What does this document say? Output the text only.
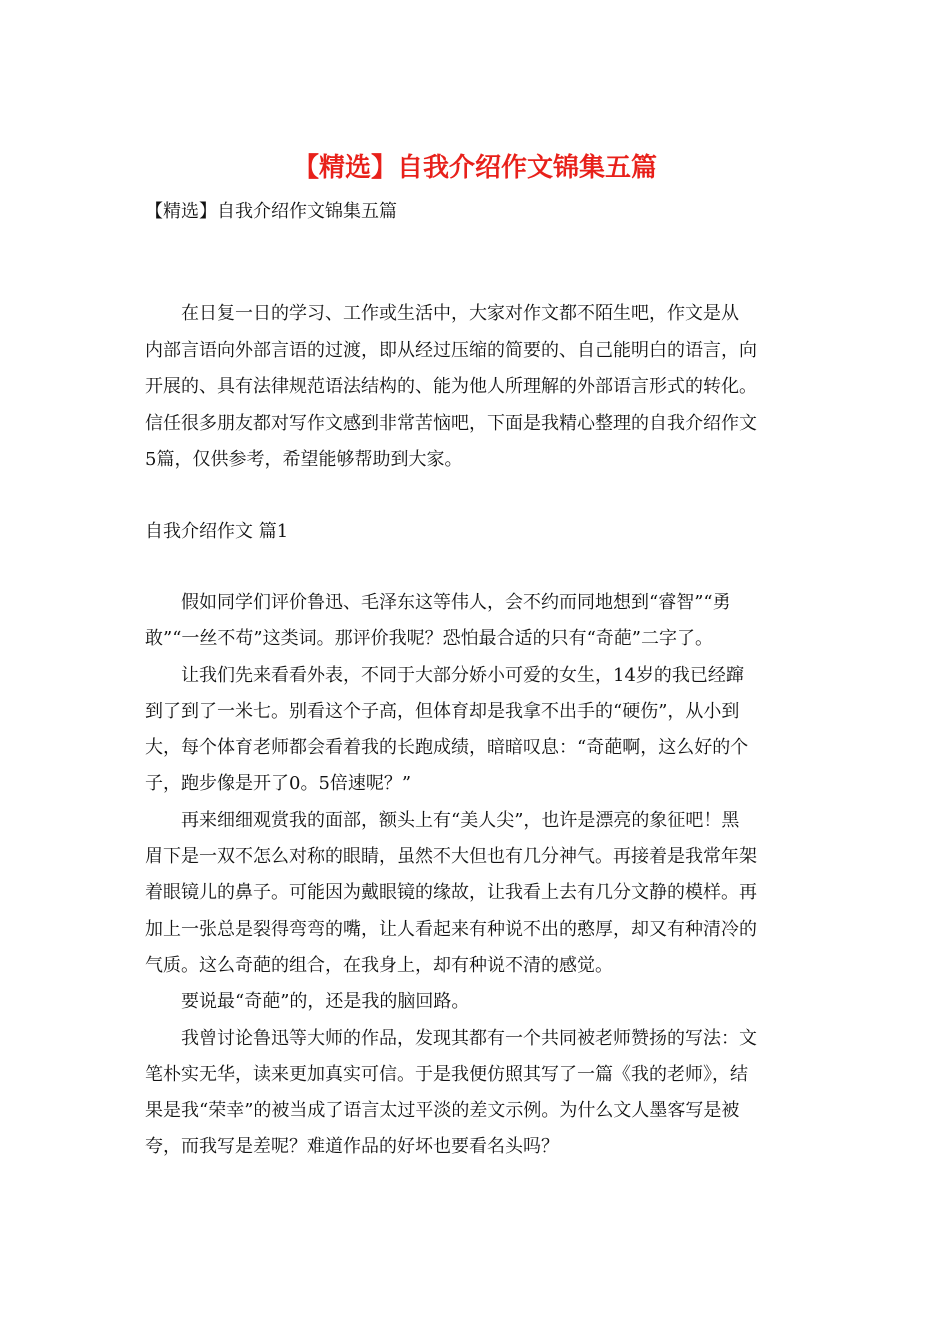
【精选】自我介绍作文锦集五篇
【精选】自我介绍作文锦集五篇
　　在日复一日的学习、工作或生活中，大家对作文都不陌生吧，作文是从
内部言语向外部言语的过渡，即从经过压缩的简要的、自己能明白的语言，向
开展的、具有法律规范语法结构的、能为他人所理解的外部语言形式的转化。
信任很多朋友都对写作文感到非常苦恼吧，下面是我精心整理的自我介绍作文
5篇，仅供参考，希望能够帮助到大家。
自我介绍作文 篇1
　　假如同学们评价鲁迅、毛泽东这等伟人，会不约而同地想到“睿智”“勇
敢”“一丝不苟”这类词。那评价我呢？恐怕最合适的只有“奇葩”二字了。
　　让我们先来看看外表，不同于大部分娇小可爱的女生，14岁的我已经蹿
到了到了一米七。别看这个子高，但体育却是我拿不出手的“硬伤”，从小到
大，每个体育老师都会看着我的长跑成绩，暗暗叹息：“奇葩啊，这么好的个
子，跑步像是开了0。5倍速呢？”
　　再来细细观赏我的面部，额头上有“美人尖”，也许是漂亮的象征吧！黑
眉下是一双不怎么对称的眼睛，虽然不大但也有几分神气。再接着是我常年架
着眼镜儿的鼻子。可能因为戴眼镜的缘故，让我看上去有几分文静的模样。再
加上一张总是裂得弯弯的嘴，让人看起来有种说不出的憨厚，却又有种清冷的
气质。这么奇葩的组合，在我身上，却有种说不清的感觉。
　　要说最“奇葩”的，还是我的脑回路。
　　我曾讨论鲁迅等大师的作品，发现其都有一个共同被老师赞扬的写法：文
笔朴实无华，读来更加真实可信。于是我便仿照其写了一篇《我的老师》，结
果是我“荣幸”的被当成了语言太过平淡的差文示例。为什么文人墨客写是被
夸，而我写是差呢？难道作品的好坏也要看名头吗？
